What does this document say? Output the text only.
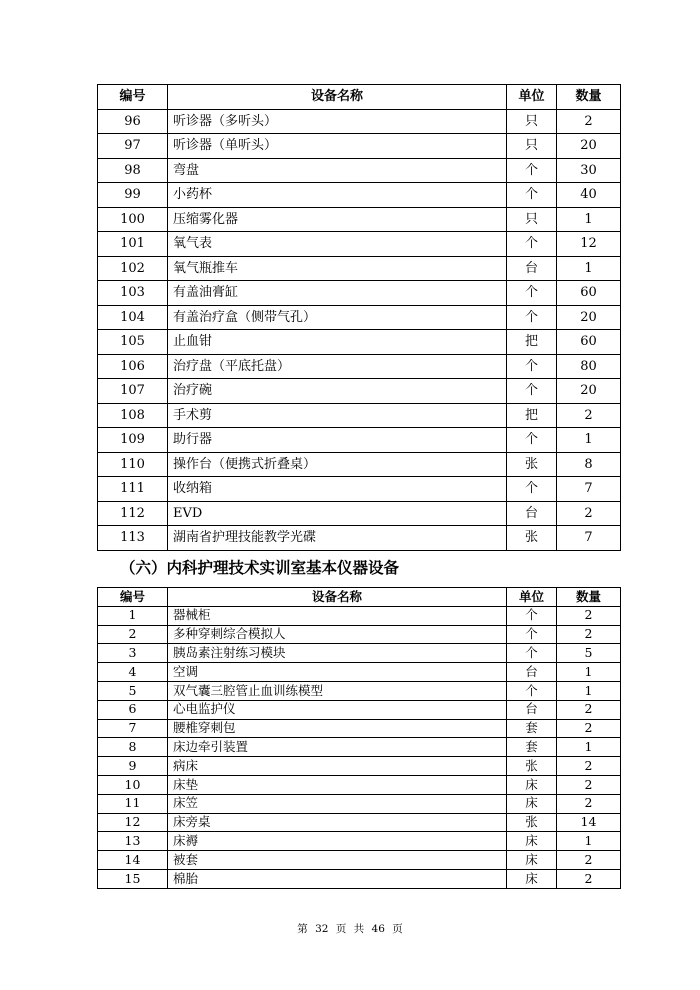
编号	设备名称	单位	数量
96	听诊器（多听头）	只	2
97	听诊器（单听头）	只	20
98	弯盘	个	30
99	小药杯	个	40
100	压缩雾化器	只	1
101	氧气表	个	12
102	氧气瓶推车	台	1
103	有盖油膏缸	个	60
104	有盖治疗盒（侧带气孔）	个	20
105	止血钳	把	60
106	治疗盘（平底托盘）	个	80
107	治疗碗	个	20
108	手术剪	把	2
109	助行器	个	1
110	操作台（便携式折叠桌）	张	8
111	收纳箱	个	7
112	EVD	台	2
113	湖南省护理技能教学光碟	张	7
（六）内科护理技术实训室基本仪器设备
编号	设备名称	单位	数量
1	器械柜	个	2
2	多种穿刺综合模拟人	个	2
3	胰岛素注射练习模块	个	5
4	空调	台	1
5	双气囊三腔管止血训练模型	个	1
6	心电监护仪	台	2
7	腰椎穿刺包	套	2
8	床边牵引装置	套	1
9	病床	张	2
10	床垫	床	2
11	床笠	床	2
12	床旁桌	张	14
13	床褥	床	1
14	被套	床	2
15	棉胎	床	2
第 32 页 共 46 页
